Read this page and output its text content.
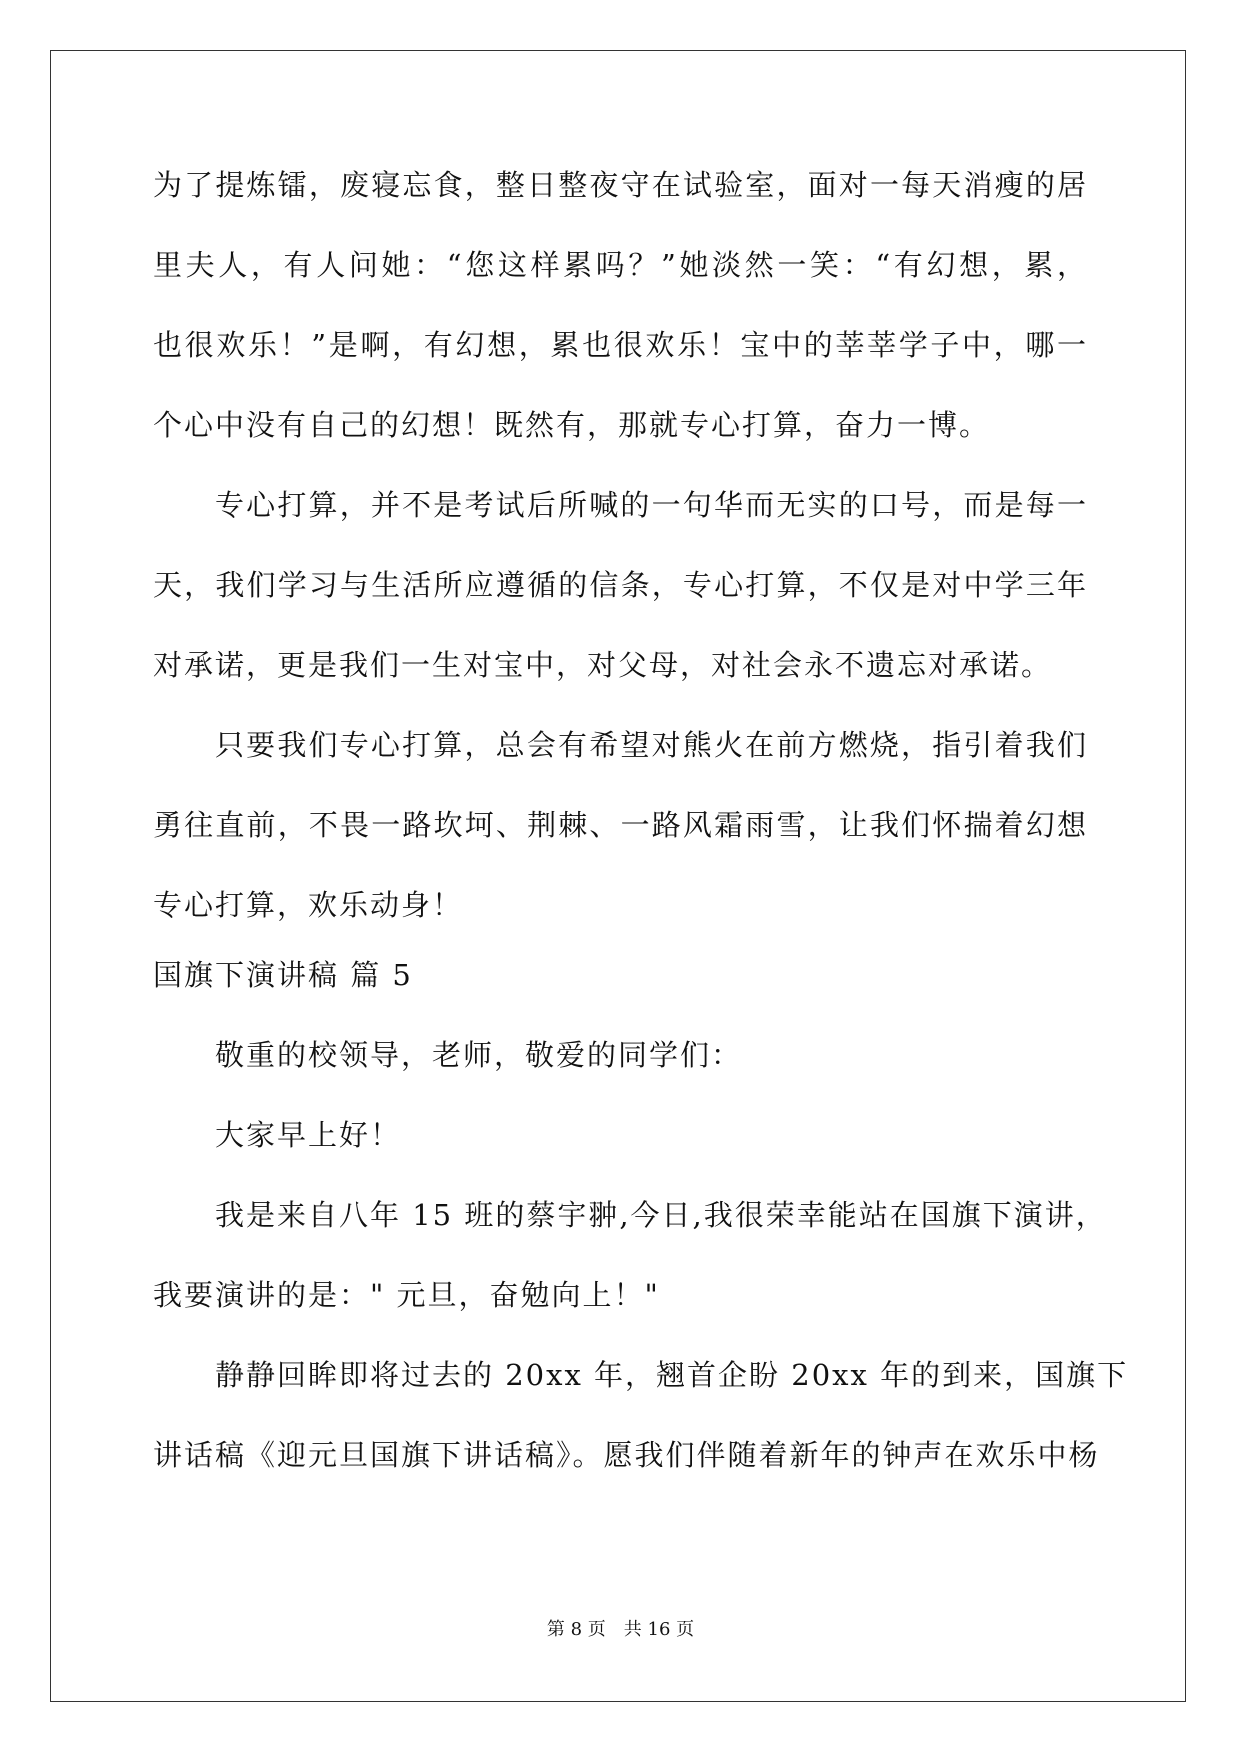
为了提炼镭，废寝忘食，整日整夜守在试验室，面对一每天消瘦的居
里夫人，有人问她：“您这样累吗？”她淡然一笑：“有幻想，累，
也很欢乐！”是啊，有幻想，累也很欢乐！宝中的莘莘学子中，哪一
个心中没有自己的幻想！既然有，那就专心打算，奋力一博。
专心打算，并不是考试后所喊的一句华而无实的口号，而是每一
天，我们学习与生活所应遵循的信条，专心打算，不仅是对中学三年
对承诺，更是我们一生对宝中，对父母，对社会永不遗忘对承诺。
只要我们专心打算，总会有希望对熊火在前方燃烧，指引着我们
勇往直前，不畏一路坎坷、荆棘、一路风霜雨雪，让我们怀揣着幻想
专心打算，欢乐动身！
国旗下演讲稿 篇 5
敬重的校领导，老师，敬爱的同学们：
大家早上好！
我是来自八年 15 班的蔡宇翀,今日,我很荣幸能站在国旗下演讲，
我要演讲的是：" 元旦，奋勉向上！"
静静回眸即将过去的 20xx 年，翘首企盼 20xx 年的到来，国旗下
讲话稿《迎元旦国旗下讲话稿》。愿我们伴随着新年的钟声在欢乐中杨
第 8 页 共 16 页
